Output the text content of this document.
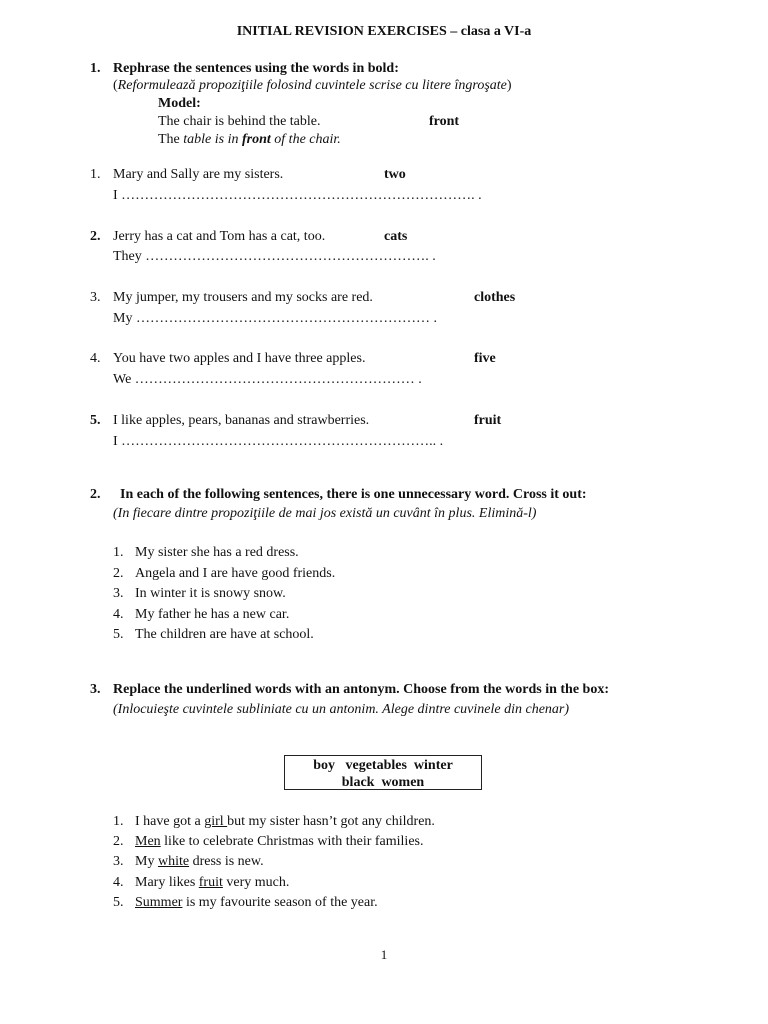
INITIAL REVISION EXERCISES – clasa a VI-a
1. Rephrase the sentences using the words in bold:
(Reformulează propoziţiile folosind cuvintele scrise cu litere îngroşate)
Model:
The chair is behind the table.	front
The table is in front of the chair.
1. Mary and Sally are my sisters.	two
I …………………………………………………………………. .
2. Jerry has a cat and Tom has a cat, too.	cats
They ……………………………………………………. .
3. My jumper, my trousers and my socks are red.	clothes
My ……………………………………………………… .
4. You have two apples and I have three apples.	five
We …………………………………………………… .
5. I like apples, pears, bananas and strawberries.	fruit
I ………………………………………………………….. .
2. In each of the following sentences, there is one unnecessary word. Cross it out:
(In fiecare dintre propoziţiile de mai jos există un cuvânt în plus. Elimină-l)
1. My sister she has a red dress.
2. Angela and I are have good friends.
3. In winter it is snowy snow.
4. My father he has a new car.
5. The children are have at school.
3. Replace the underlined words with an antonym. Choose from the words in the box:
(Inlocuieşte cuvintele subliniate cu un antonim. Alege dintre cuvinele din chenar)
boy   vegetables  winter
black  women
1. I have got a girl but my sister hasn’t got any children.
2. Men like to celebrate Christmas with their families.
3. My white dress is new.
4. Mary likes fruit very much.
5. Summer is my favourite season of the year.
1
